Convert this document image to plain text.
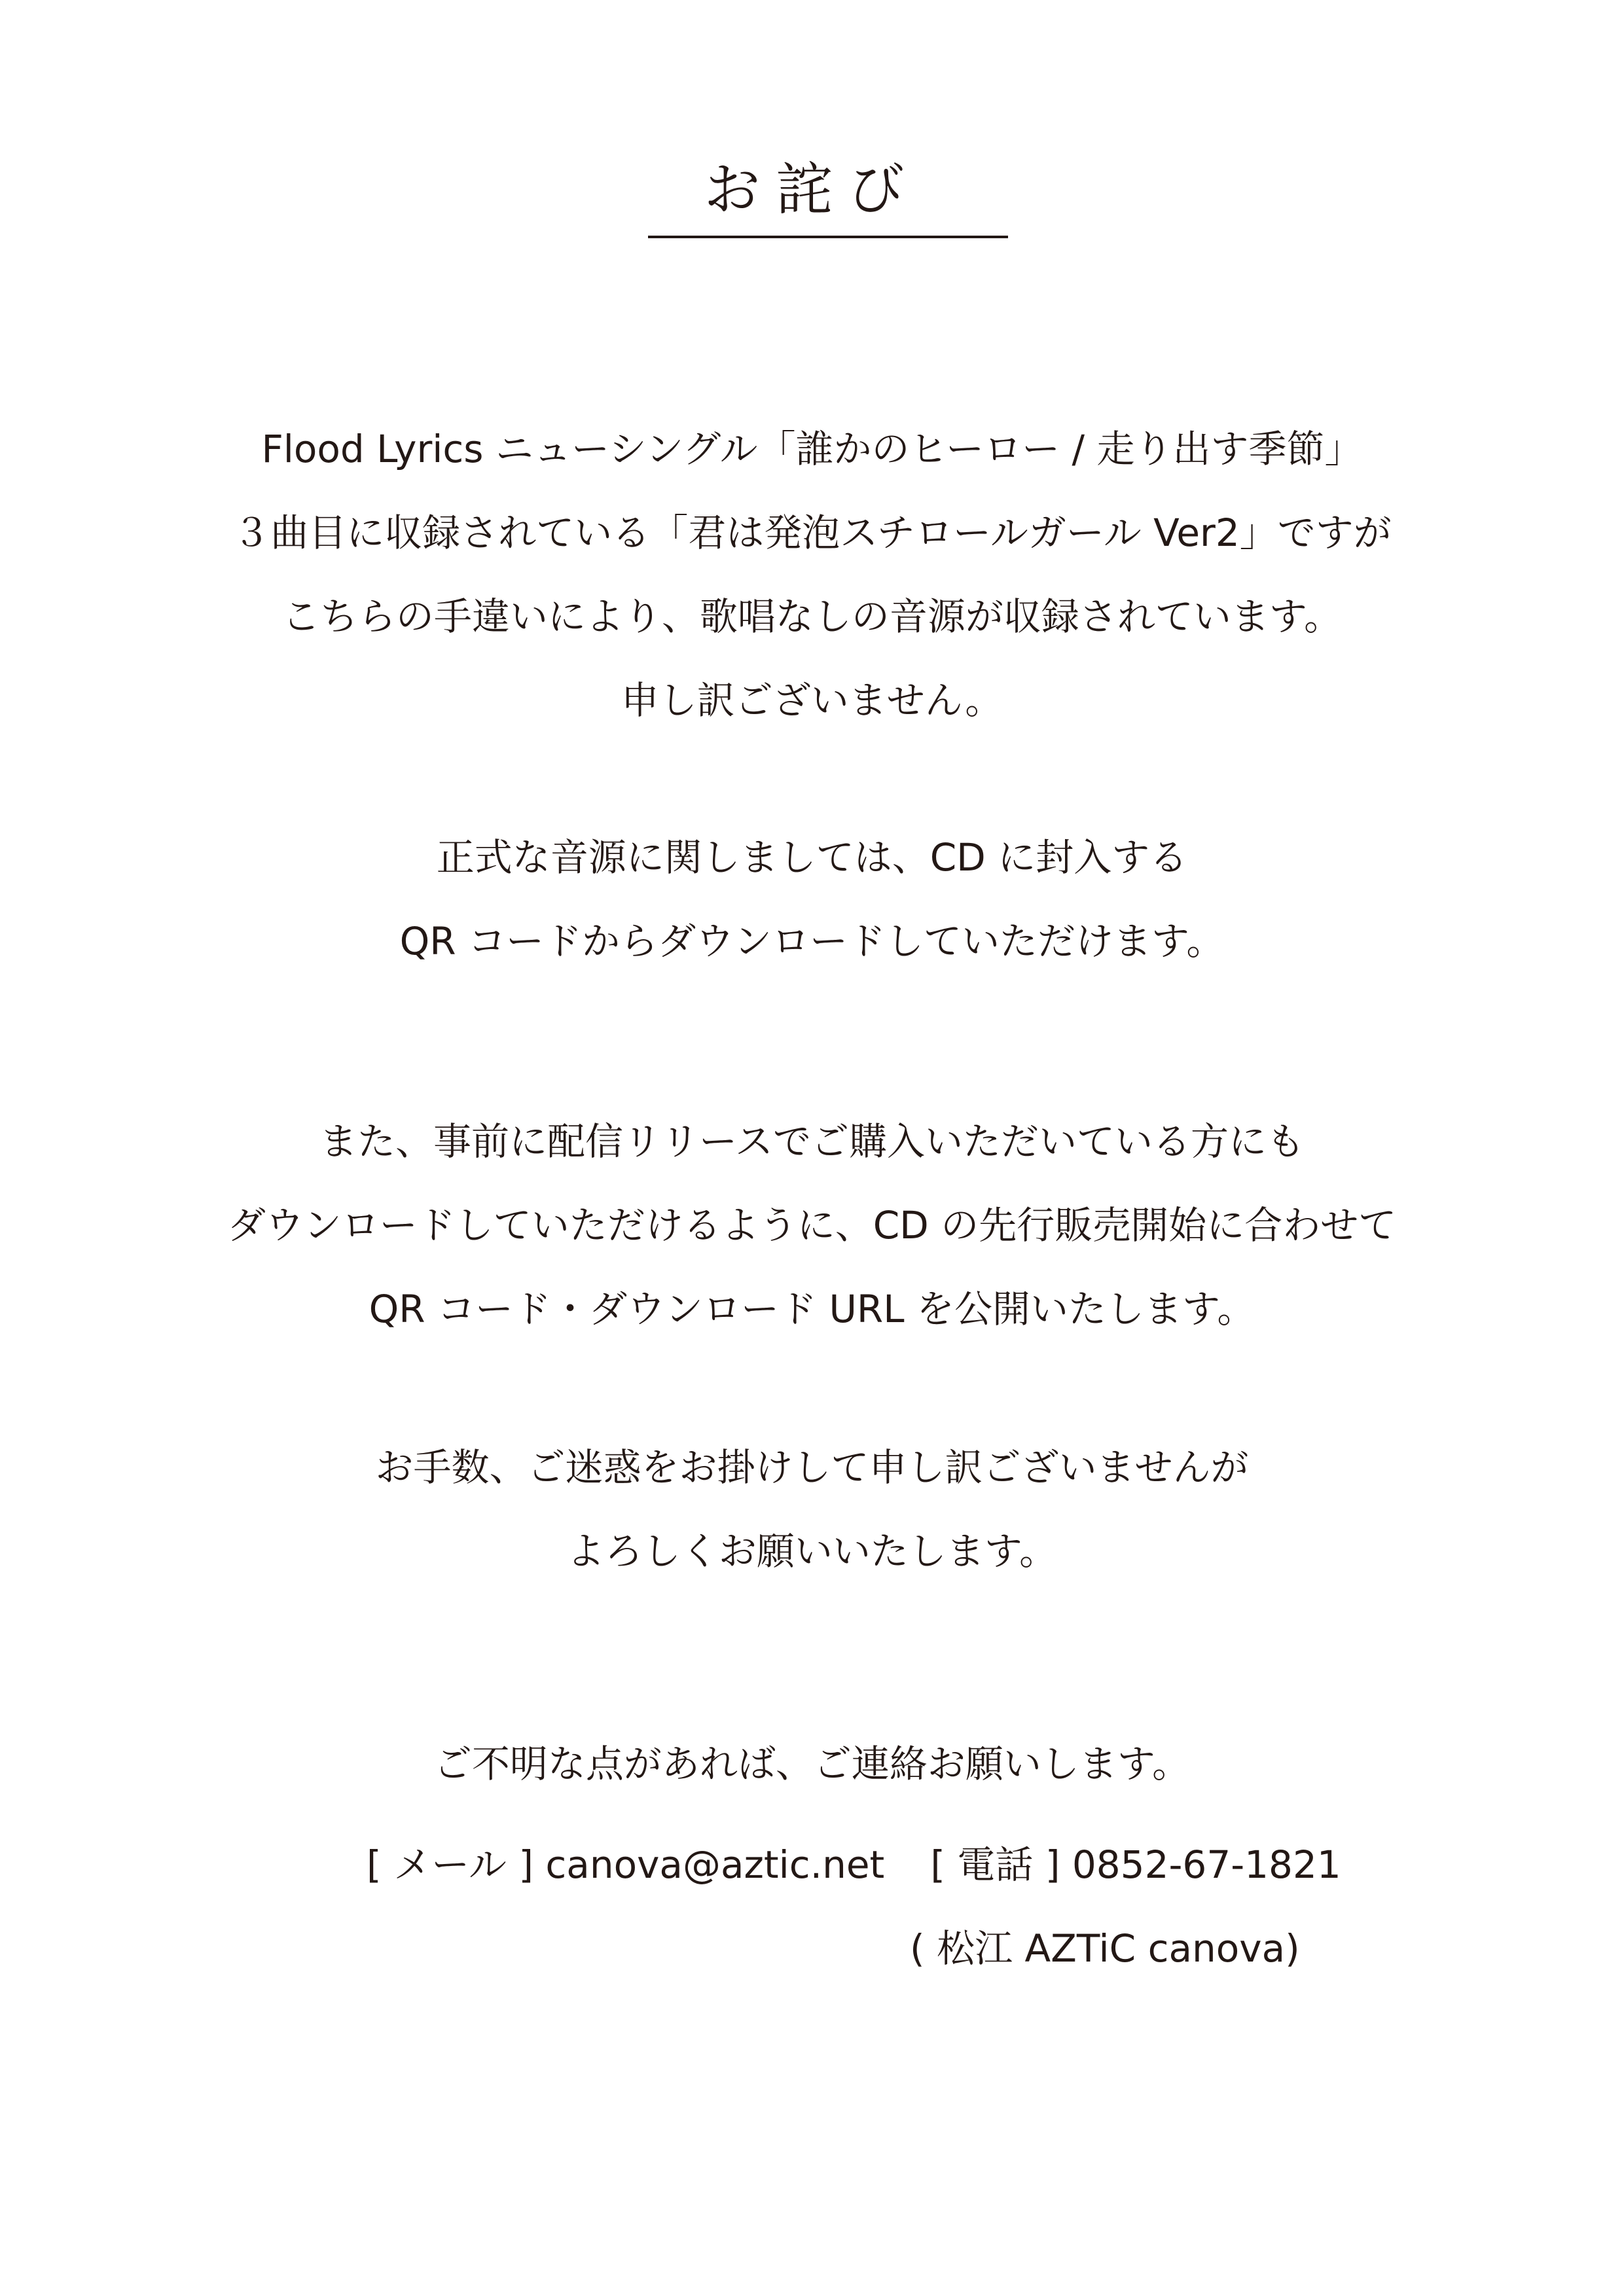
お詫び
Flood Lyrics ニューシングル「誰かのヒーロー / 走り出す季節」
３曲目に収録されている「君は発泡スチロールガール Ver2」ですが
こちらの手違いにより、歌唱なしの音源が収録されています。
申し訳ございません。
正式な音源に関しましては、CD に封入する
QR コードからダウンロードしていただけます。
また、事前に配信リリースでご購入いただいている方にも
ダウンロードしていただけるように、CD の先行販売開始に合わせて
QR コード・ダウンロード URL を公開いたします。
お手数、ご迷惑をお掛けして申し訳ございませんが
よろしくお願いいたします。
ご不明な点があれば、ご連絡お願いします。
[ メール ] canova@aztic.net [ 電話 ] 0852-67-1821
( 松江 AZTiC canova)
